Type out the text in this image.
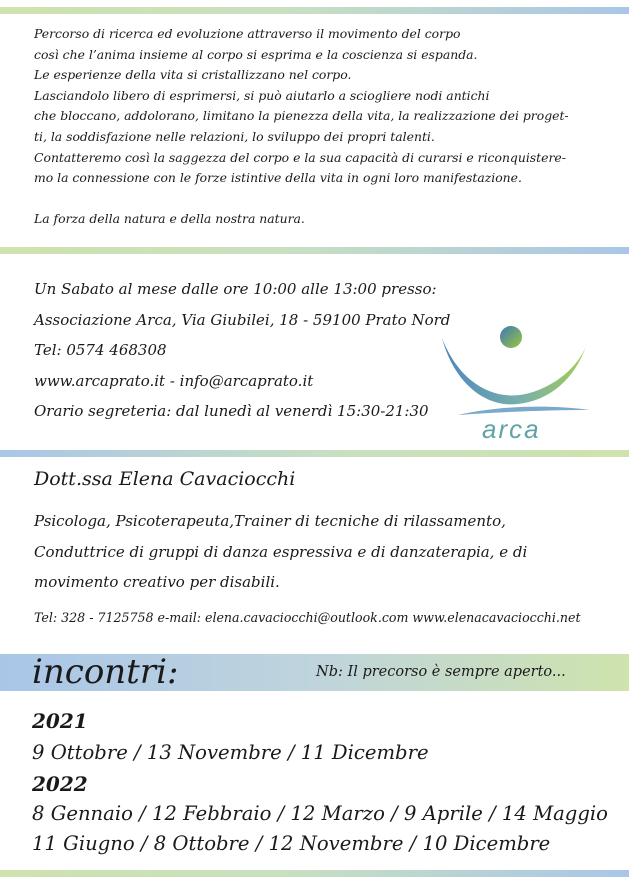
Percorso di ricerca ed evoluzione attraverso il movimento del corpo

così che l’anima insieme al corpo si esprima e la coscienza si espanda.

Le esperienze della vita si cristallizzano nel corpo.

Lasciandolo libero di esprimersi, si può aiutarlo a sciogliere nodi antichi

che bloccano, addolorano, limitano la pienezza della vita, la realizzazione dei proget-

ti, la soddisfazione nelle relazioni, lo sviluppo dei propri talenti.

Contatteremo così la saggezza del corpo e la sua capacità di curarsi e riconquistere-

mo la connessione con le forze istintive della vita in ogni loro manifestazione.

La forza della natura e della nostra natura.

Un Sabato al mese dalle ore 10:00 alle 13:00 presso:
Associazione Arca, Via Giubilei, 18 - 59100 Prato Nord
Tel: 0574 468308
www.arcaprato.it - info@arcaprato.it
Orario segreteria: dal lunedì al venerdì 15:30-21:30
arca
Dott.ssa Elena Cavaciocchi
Psicologa, Psicoterapeuta,Trainer di tecniche di rilassamento,
Conduttrice di gruppi di danza espressiva e di danzaterapia, e di
movimento creativo per disabili.
Tel: 328 - 7125758 e-mail: elena.cavaciocchi@outlook.com www.elenacavaciocchi.net
incontri:	Nb: Il precorso è sempre aperto...
2021
9 Ottobre / 13 Novembre / 11 Dicembre
2022
8 Gennaio / 12 Febbraio / 12 Marzo / 9 Aprile / 14 Maggio
11 Giugno / 8 Ottobre / 12 Novembre / 10 Dicembre
